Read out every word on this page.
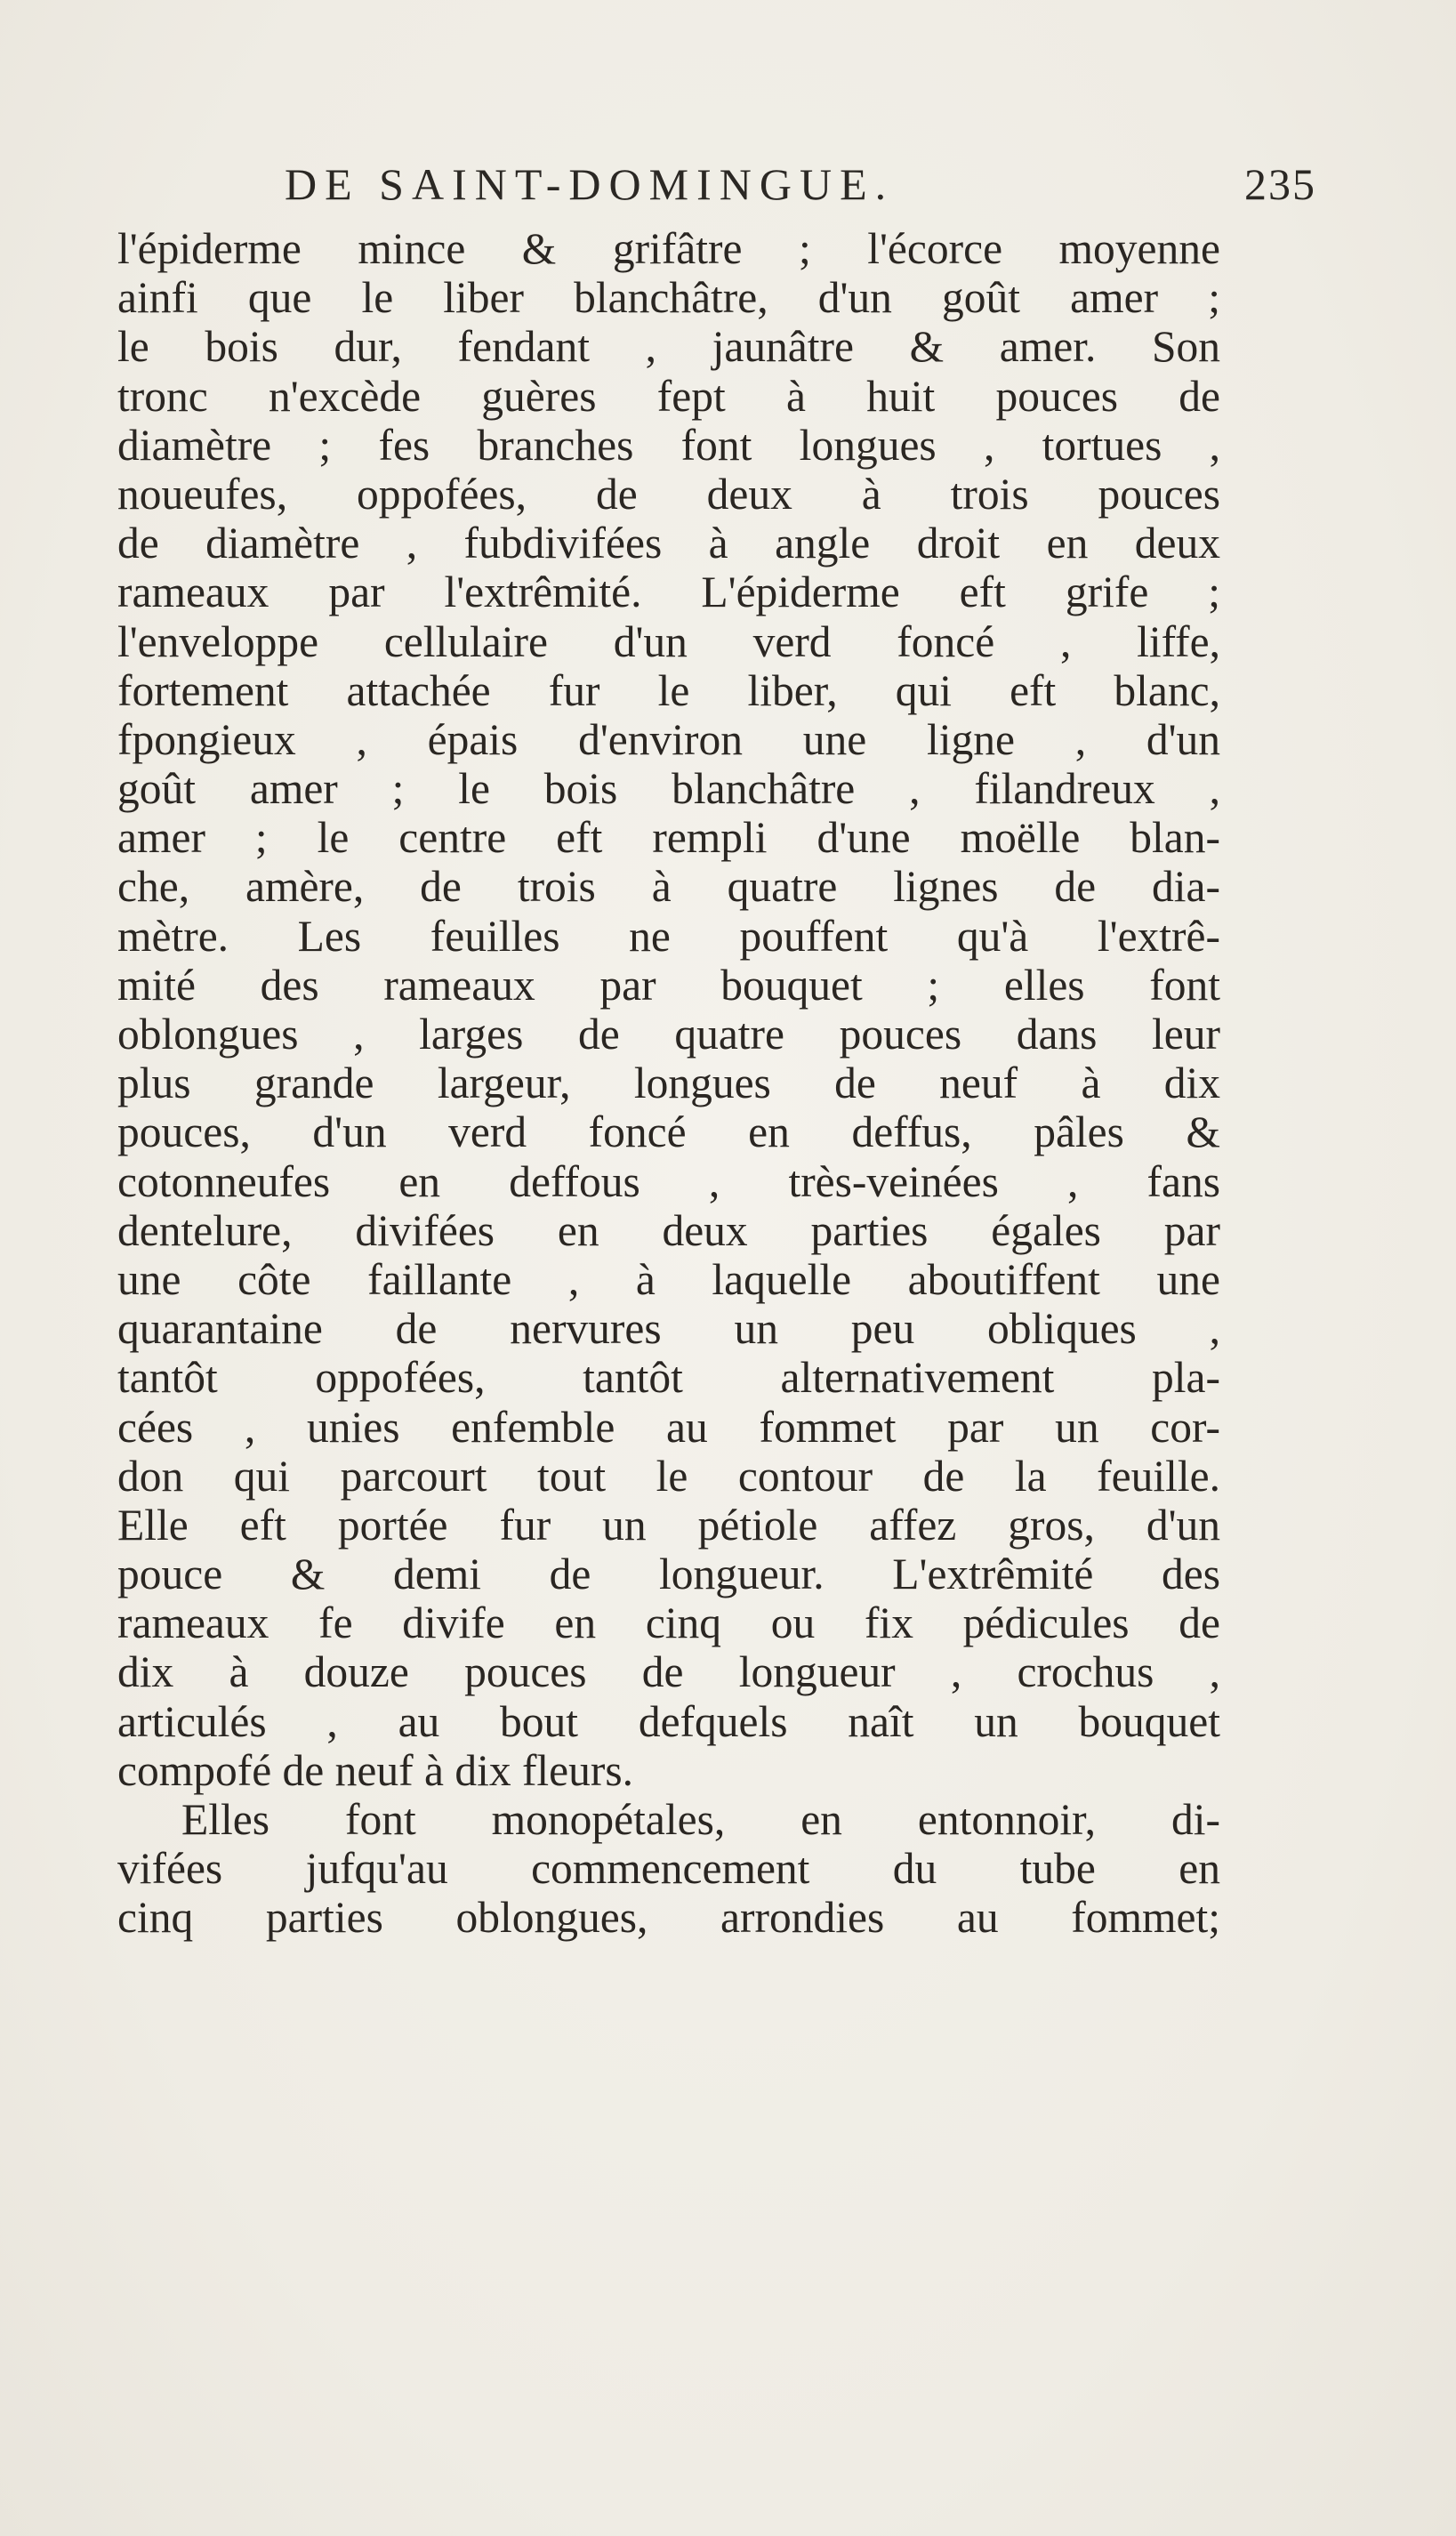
DE SAINT-DOMINGUE.	235
l'épiderme mince & grifâtre ; l'écorce moyenne
ainfi que le liber blanchâtre, d'un goût amer ;
le bois dur, fendant , jaunâtre & amer. Son
tronc n'excède guères fept à huit pouces de
diamètre ; fes branches font longues , tortues ,
noueufes, oppofées, de deux à trois pouces
de diamètre , fubdivifées à angle droit en deux
rameaux par l'extrêmité. L'épiderme eft grife ;
l'enveloppe cellulaire d'un verd foncé , liffe,
fortement attachée fur le liber, qui eft blanc,
fpongieux , épais d'environ une ligne , d'un
goût amer ; le bois blanchâtre , filandreux ,
amer ; le centre eft rempli d'une moëlle blan-
che, amère, de trois à quatre lignes de dia-
mètre. Les feuilles ne pouffent qu'à l'extrê-
mité des rameaux par bouquet ; elles font
oblongues , larges de quatre pouces dans leur
plus grande largeur, longues de neuf à dix
pouces, d'un verd foncé en deffus, pâles &
cotonneufes en deffous , très-veinées , fans
dentelure, divifées en deux parties égales par
une côte faillante , à laquelle aboutiffent une
quarantaine de nervures un peu obliques ,
tantôt oppofées, tantôt alternativement pla-
cées , unies enfemble au fommet par un cor-
don qui parcourt tout le contour de la feuille.
Elle eft portée fur un pétiole affez gros, d'un
pouce & demi de longueur. L'extrêmité des
rameaux fe divife en cinq ou fix pédicules de
dix à douze pouces de longueur , crochus ,
articulés , au bout defquels naît un bouquet
compofé de neuf à dix fleurs.
Elles font monopétales, en entonnoir, di-
vifées jufqu'au commencement du tube en
cinq parties oblongues, arrondies au fommet;
